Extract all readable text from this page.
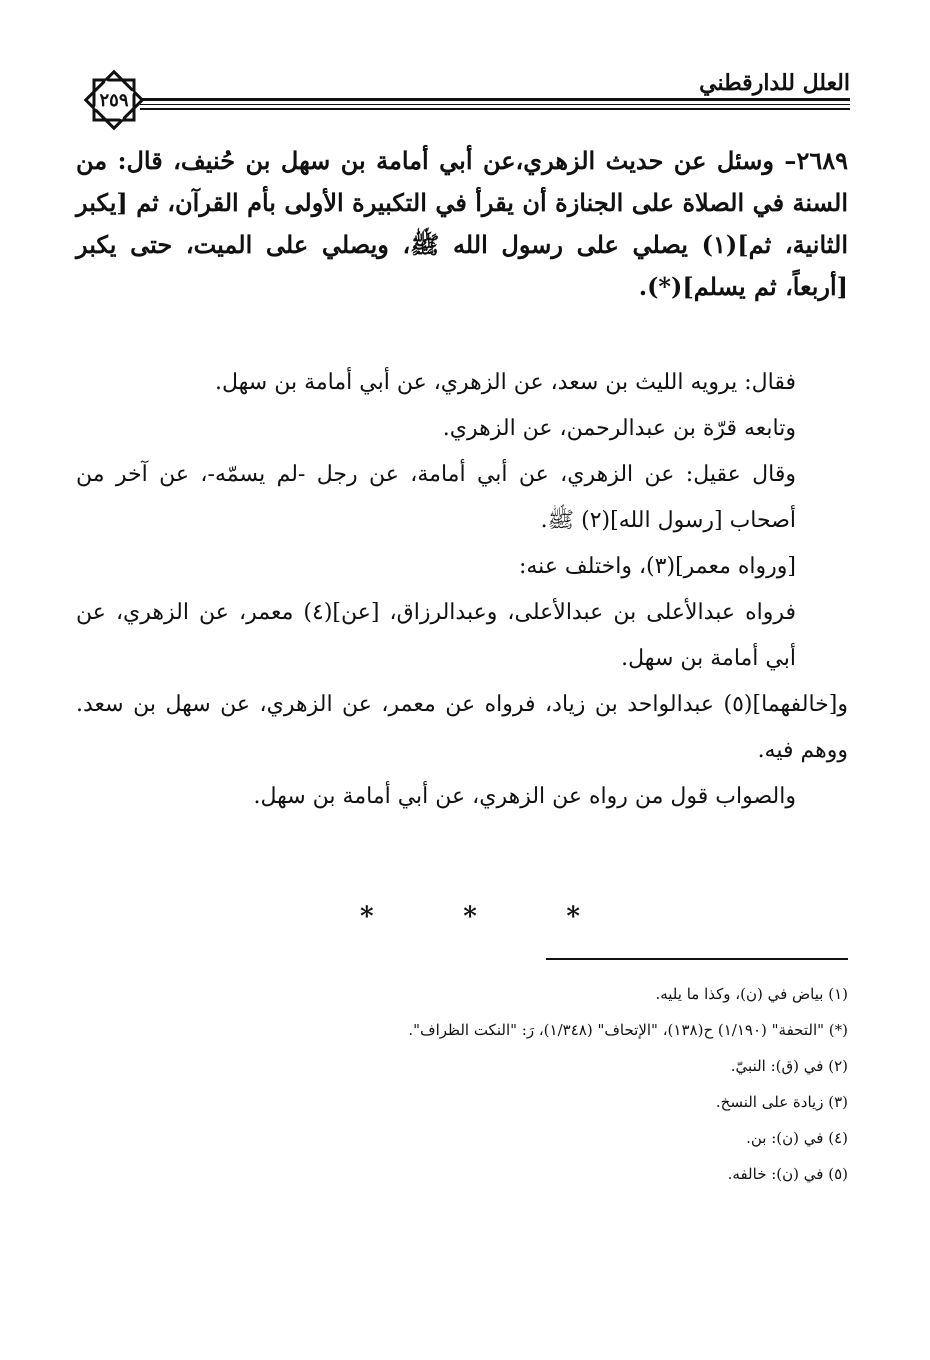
العلل للدارقطني
٢٥٩
٢٦٨٩– وسئل عن حديث الزهري،عن أبي أمامة بن سهل بن حُنيف، قال: من السنة في الصلاة على الجنازة أن يقرأ في التكبيرة الأولى بأم القرآن، ثم [يكبر الثانية، ثم](١) يصلي على رسول الله ﷺ، ويصلي على الميت، حتى يكبر [أربعاً، ثم يسلم](*).

فقال: يرويه الليث بن سعد، عن الزهري، عن أبي أمامة بن سهل.

وتابعه قرّة بن عبدالرحمن، عن الزهري.

وقال عقيل: عن الزهري، عن أبي أمامة، عن رجل -لم يسمّه-، عن آخر من أصحاب [رسول الله](٢) ﷺ.

[ورواه معمر](٣)، واختلف عنه:

فرواه عبدالأعلى بن عبدالأعلى، وعبدالرزاق، [عن](٤) معمر، عن الزهري، عن أبي أمامة بن سهل.

و[خالفهما](٥) عبدالواحد بن زياد، فرواه عن معمر، عن الزهري، عن سهل بن سعد. ووهم فيه.

والصواب قول من رواه عن الزهري، عن أبي أمامة بن سهل.

*	*	*

(١) بياض في (ن)، وكذا ما يليه.

(*) "التحفة" (١/١٩٠) ح(١٣٨)، "الإتحاف" (١/٣٤٨)، رَ: "النكت الظراف".

(٢) في (ق): النبيّ.

(٣) زيادة على النسخ.

(٤) في (ن): بن.

(٥) في (ن): خالفه.
